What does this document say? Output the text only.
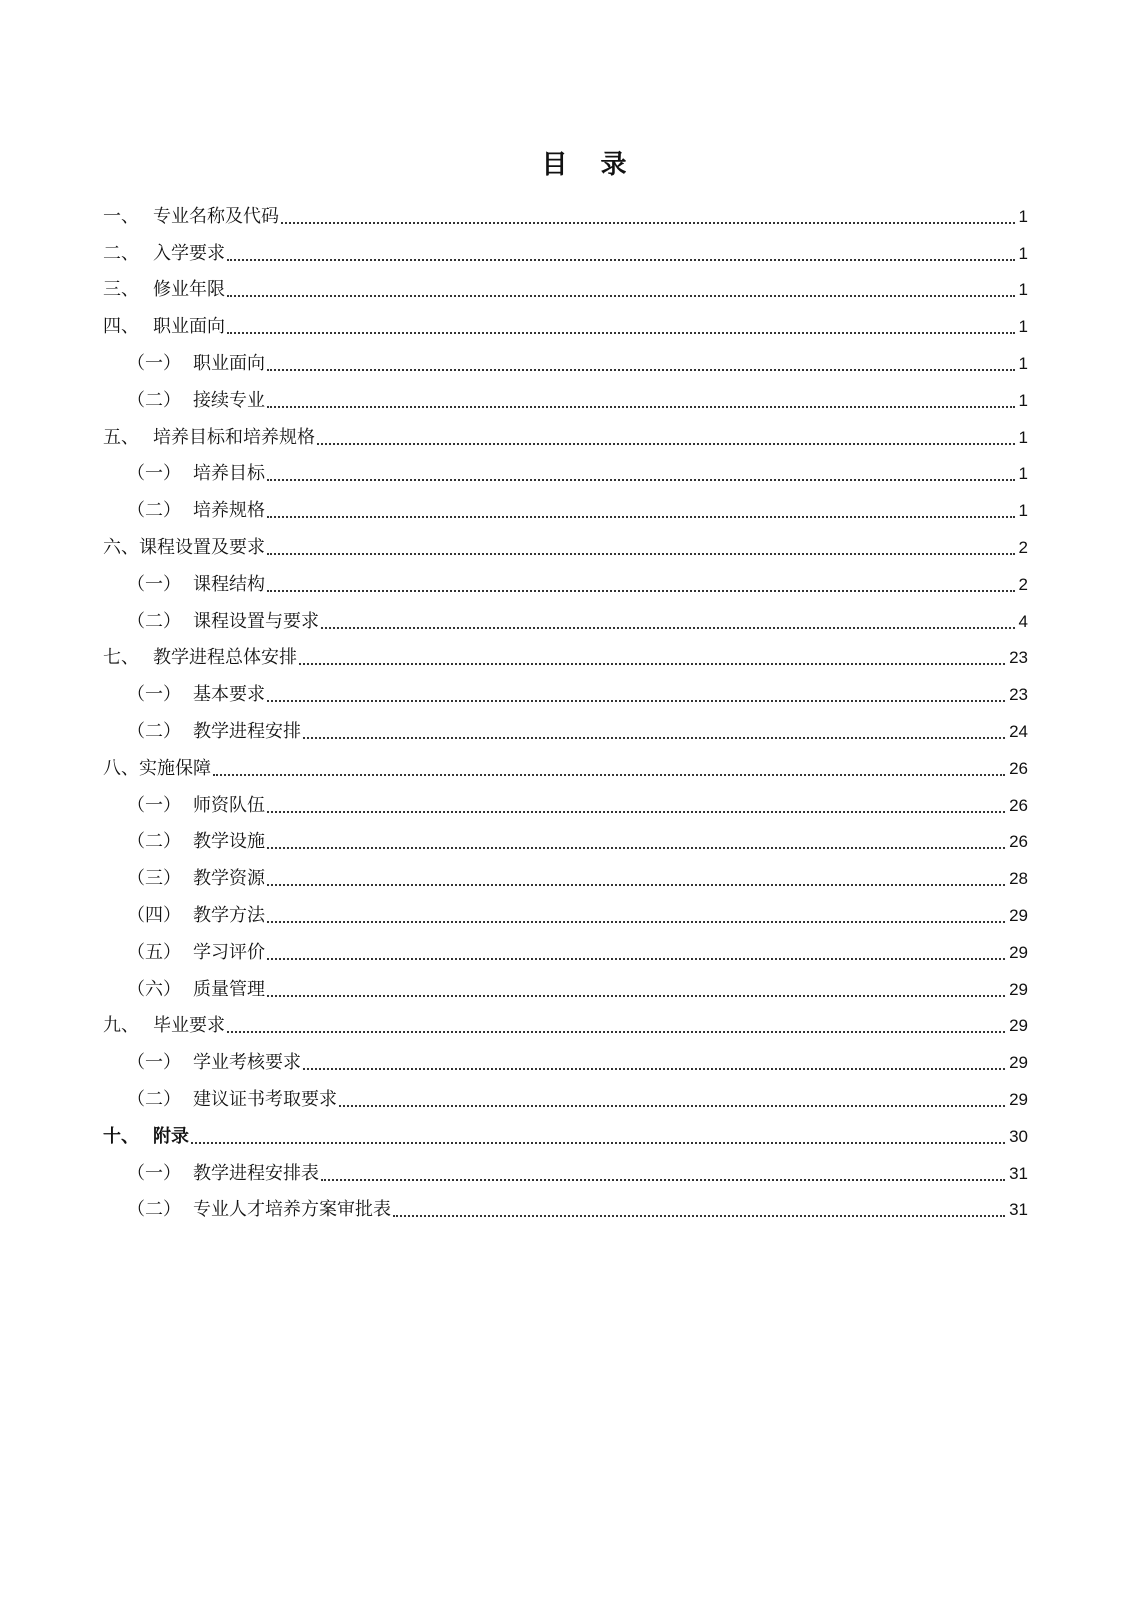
目 录
一、 专业名称及代码	1
二、 入学要求	1
三、 修业年限	1
四、 职业面向	1
（一） 职业面向	1
（二） 接续专业	1
五、 培养目标和培养规格	1
（一） 培养目标	1
（二） 培养规格	1
六、 课程设置及要求	2
（一） 课程结构	2
（二） 课程设置与要求	4
七、 教学进程总体安排	23
（一） 基本要求	23
（二） 教学进程安排	24
八、 实施保障	26
（一） 师资队伍	26
（二） 教学设施	26
（三） 教学资源	28
（四） 教学方法	29
（五） 学习评价	29
（六） 质量管理	29
九、 毕业要求	29
（一） 学业考核要求	29
（二） 建议证书考取要求	29
十、 附录	30
（一） 教学进程安排表	31
（二） 专业人才培养方案审批表	31
